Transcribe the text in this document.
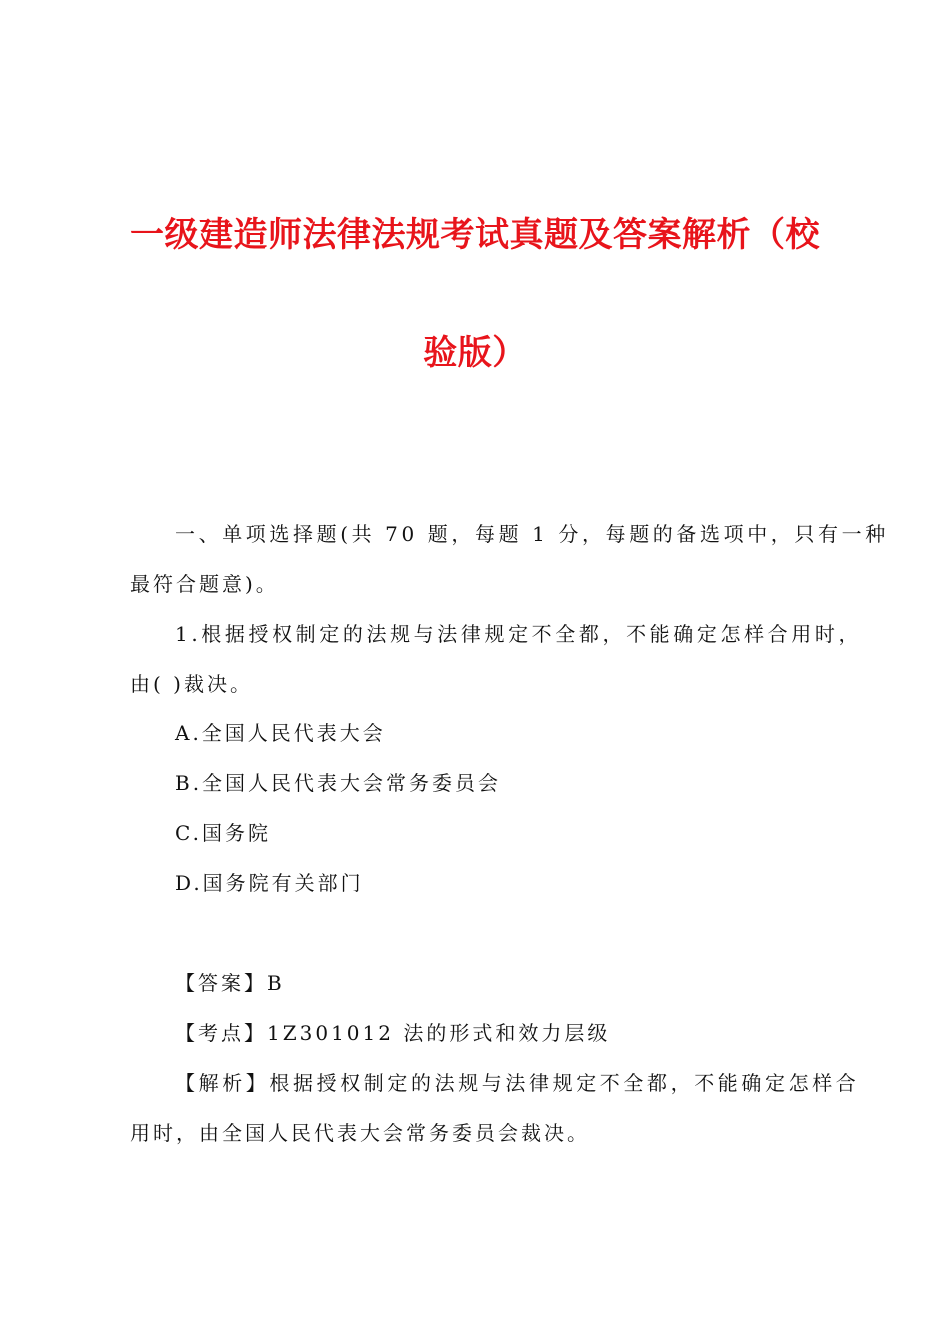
一级建造师法律法规考试真题及答案解析（校
验版）
一、单项选择题(共 70 题，每题 1 分，每题的备选项中，只有一种
最符合题意)。
1.根据授权制定的法规与法律规定不全都，不能确定怎样合用时，
由( )裁决。
A.全国人民代表大会
B.全国人民代表大会常务委员会
C.国务院
D.国务院有关部门
【答案】B
【考点】1Z301012 法的形式和效力层级
【解析】根据授权制定的法规与法律规定不全都，不能确定怎样合
用时，由全国人民代表大会常务委员会裁决。
